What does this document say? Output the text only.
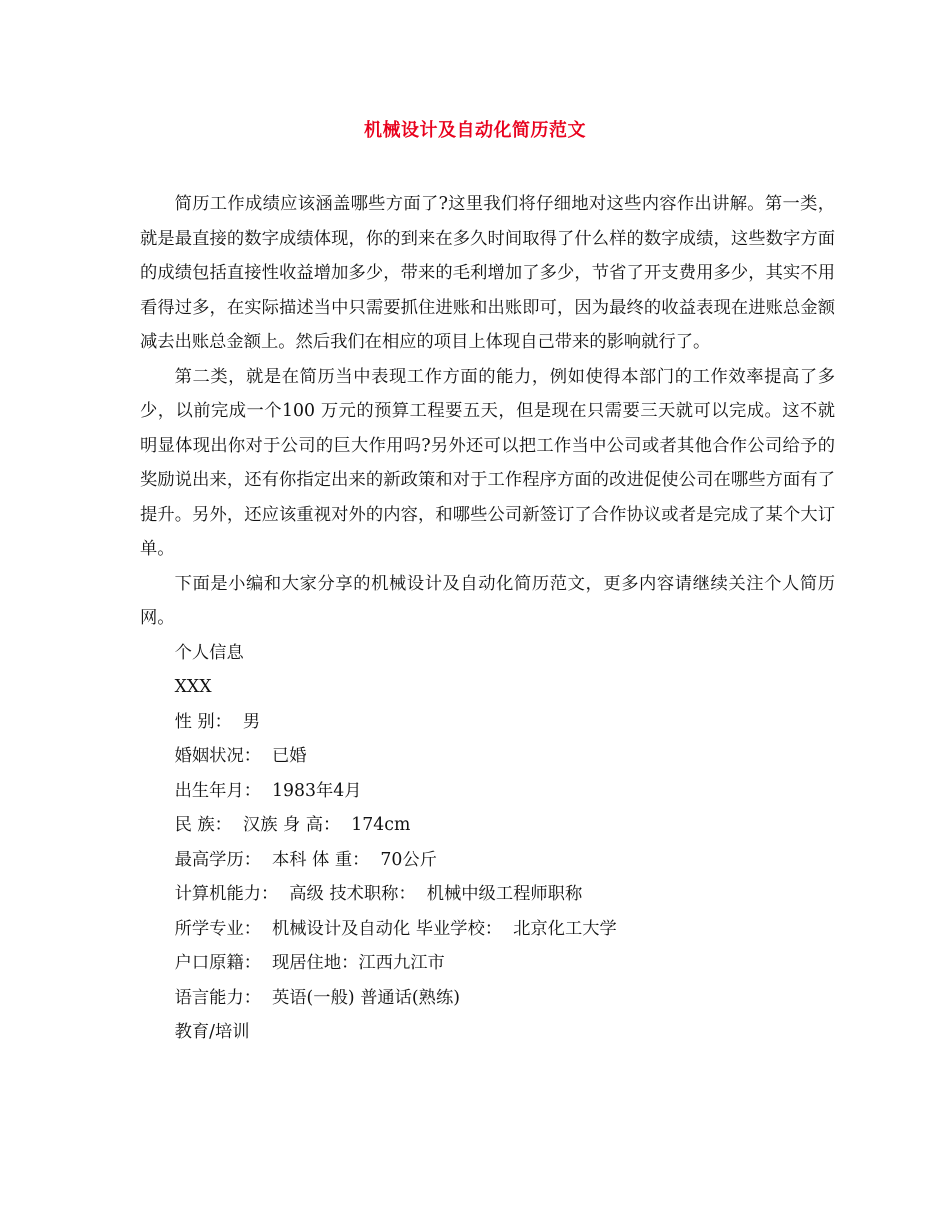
机械设计及自动化简历范文

简历工作成绩应该涵盖哪些方面了?这里我们将仔细地对这些内容作出讲解。第一类，就是最直接的数字成绩体现，你的到来在多久时间取得了什么样的数字成绩，这些数字方面的成绩包括直接性收益增加多少，带来的毛利增加了多少，节省了开支费用多少，其实不用看得过多，在实际描述当中只需要抓住进账和出账即可，因为最终的收益表现在进账总金额减去出账总金额上。然后我们在相应的项目上体现自己带来的影响就行了。

第二类，就是在简历当中表现工作方面的能力，例如使得本部门的工作效率提高了多少，以前完成一个100 万元的预算工程要五天，但是现在只需要三天就可以完成。这不就明显体现出你对于公司的巨大作用吗?另外还可以把工作当中公司或者其他合作公司给予的奖励说出来，还有你指定出来的新政策和对于工作程序方面的改进促使公司在哪些方面有了提升。另外，还应该重视对外的内容，和哪些公司新签订了合作协议或者是完成了某个大订单。

下面是小编和大家分享的机械设计及自动化简历范文，更多内容请继续关注个人简历网。

个人信息

XXX

性 别：  男

婚姻状况：  已婚

出生年月：  1983年4月

民 族：  汉族 身 高：  174cm

最高学历：  本科 体 重：  70公斤

计算机能力：  高级 技术职称：  机械中级工程师职称

所学专业：  机械设计及自动化 毕业学校：  北京化工大学

户口原籍：  现居住地：江西九江市

语言能力：  英语(一般) 普通话(熟练)

教育/培训
